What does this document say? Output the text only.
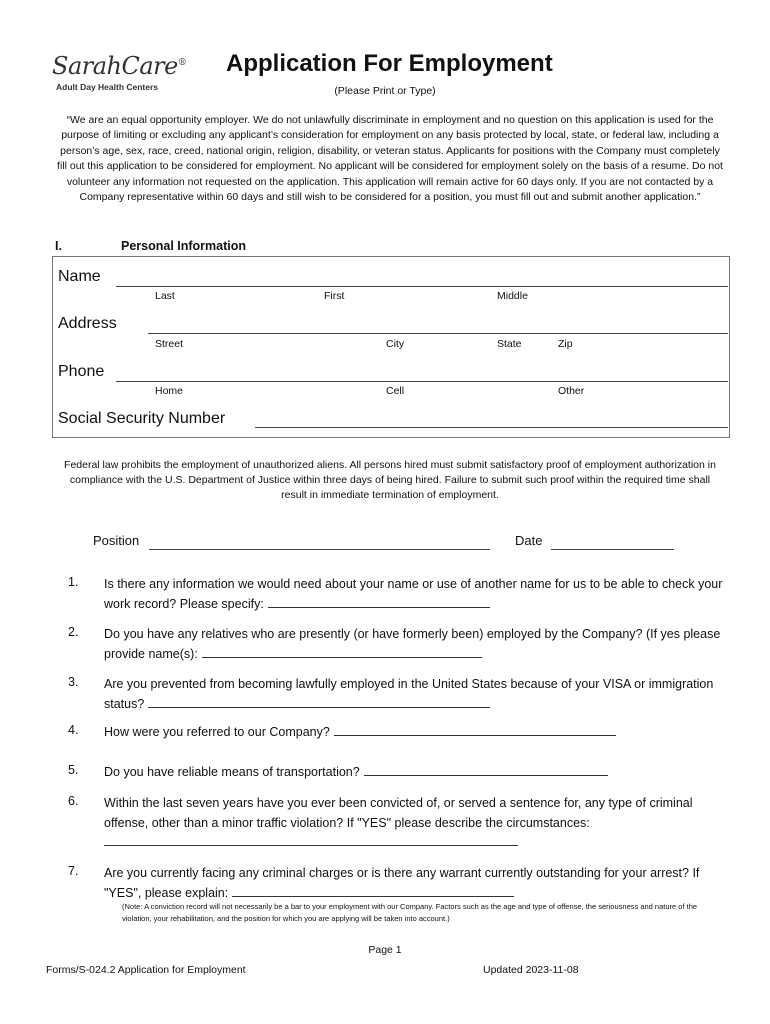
SarahCare®
Adult Day Health Centers
Application For Employment
(Please Print or Type)
“We are an equal opportunity employer. We do not unlawfully discriminate in employment and no question on this application is used for the purpose of limiting or excluding any applicant’s consideration for employment on any basis protected by local, state, or federal law, including a person’s age, sex, race, creed, national origin, religion, disability, or veteran status. Applicants for positions with the Company must completely fill out this application to be considered for employment. No applicant will be considered for employment solely on the basis of a resume. Do not volunteer any information not requested on the application. This application will remain active for 60 days only. If you are not contacted by a Company representative within 60 days and still wish to be considered for a position, you must fill out and submit another application.”
I.	Personal Information
Name
Last	First	Middle
Address
Street	City	State	Zip
Phone
Home	Cell	Other
Social Security Number
Federal law prohibits the employment of unauthorized aliens. All persons hired must submit satisfactory proof of employment authorization in compliance with the U.S. Department of Justice within three days of being hired. Failure to submit such proof within the required time shall result in immediate termination of employment.
Position	Date
1. Is there any information we would need about your name or use of another name for us to be able to check your work record? Please specify:
2. Do you have any relatives who are presently (or have formerly been) employed by the Company? (If yes please provide name(s):
3. Are you prevented from becoming lawfully employed in the United States because of your VISA or immigration status?
4. How were you referred to our Company?
5. Do you have reliable means of transportation?
6. Within the last seven years have you ever been convicted of, or served a sentence for, any type of criminal offense, other than a minor traffic violation? If "YES" please describe the circumstances:

7. Are you currently facing any criminal charges or is there any warrant currently outstanding for your arrest? If "YES", please explain:
(Note: A conviction record will not necessarily be a bar to your employment with our Company. Factors such as the age and type of offense, the seriousness and nature of the violation, your rehabilitation, and the position for which you are applying will be taken into account.)
Page 1
Forms/S-024.2 Application for Employment	Updated 2023-11-08
